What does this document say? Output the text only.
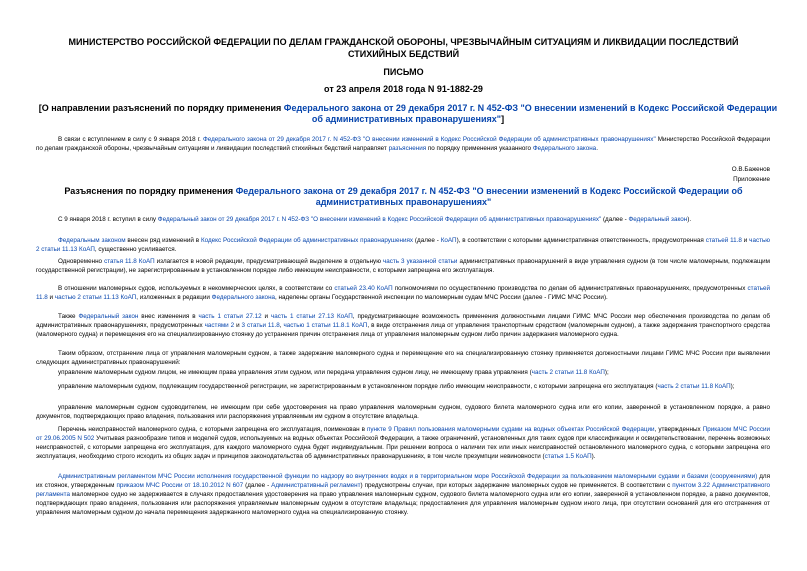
МИНИСТЕРСТВО РОССИЙСКОЙ ФЕДЕРАЦИИ ПО ДЕЛАМ ГРАЖДАНСКОЙ ОБОРОНЫ, ЧРЕЗВЫЧАЙНЫМ СИТУАЦИЯМ И ЛИКВИДАЦИИ ПОСЛЕДСТВИЙ СТИХИЙНЫХ БЕДСТВИЙ
ПИСЬМО
от 23 апреля 2018 года N 91-1882-29
[О направлении разъяснений по порядку применения Федерального закона от 29 декабря 2017 г. N 452-ФЗ "О внесении изменений в Кодекс Российской Федерации об административных правонарушениях"]
В связи с вступлением в силу с 9 января 2018 г. Федерального закона от 29 декабря 2017 г. N 452-ФЗ "О внесении изменений в Кодекс Российской Федерации об административных правонарушениях" Министерство Российской Федерации по делам гражданской обороны, чрезвычайным ситуациям и ликвидации последствий стихийных бедствий направляет разъяснения по порядку применения указанного Федерального закона.
О.В.Баженов
Приложение
Разъяснения по порядку применения Федерального закона от 29 декабря 2017 г. N 452-ФЗ "О внесении изменений в Кодекс Российской Федерации об административных правонарушениях"
С 9 января 2018 г. вступил в силу Федеральный закон от 29 декабря 2017 г. N 452-ФЗ "О внесении изменений в Кодекс Российской Федерации об административных правонарушениях" (далее - Федеральный закон).
Федеральным законом внесен ряд изменений в Кодекс Российской Федерации об административных правонарушениях (далее - КоАП), в соответствии с которыми административная ответственность, предусмотренная статьей 11.8 и частью 2 статьи 11.13 КоАП, существенно усиливается.
Одновременно статья 11.8 КоАП излагается в новой редакции, предусматривающей выделение в отдельную часть 3 указанной статьи административных правонарушений в виде управления судном (в том числе маломерным, подлежащим государственной регистрации), не зарегистрированным в установленном порядке либо имеющим неисправности, с которыми запрещена его эксплуатация.
В отношении маломерных судов, используемых в некоммерческих целях, в соответствии со статьей 23.40 КоАП полномочиями по осуществлению производства по делам об административных правонарушениях, предусмотренных статьей 11.8 и частью 2 статьи 11.13 КоАП, изложенных в редакции Федерального закона, наделены органы Государственной инспекции по маломерным судам МЧС России (далее - ГИМС МЧС России).
Также Федеральный закон внес изменения в часть 1 статьи 27.12 и часть 1 статьи 27.13 КоАП, предусматривающие возможность применения должностными лицами ГИМС МЧС России мер обеспечения производства по делам об административных правонарушениях, предусмотренных частями 2 и 3 статьи 11.8, частью 1 статьи 11.8.1 КоАП, в виде отстранения лица от управления транспортным средством (маломерным судном), а также задержания транспортного средства (маломерного судна) и перемещения его на специализированную стоянку до устранения причин отстранения лица от управления маломерным судном либо причин задержания маломерного судна.
Таким образом, отстранение лица от управления маломерным судном, а также задержание маломерного судна и перемещение его на специализированную стоянку применяется должностными лицами ГИМС МЧС России при выявлении следующих административных правонарушений:
управление маломерным судном лицом, не имеющим права управления этим судном, или передача управления судном лицу, не имеющему права управления (часть 2 статьи 11.8 КоАП);
управление маломерным судном, подлежащим государственной регистрации, не зарегистрированным в установленном порядке либо имеющим неисправности, с которыми запрещена его эксплуатация (часть 2 статьи 11.8 КоАП);
управление маломерным судном судоводителем, не имеющим при себе удостоверения на право управления маломерным судном, судового билета маломерного судна или его копии, заверенной в установленном порядке, а равно документов, подтверждающих право владения, пользования или распоряжения управляемым им судном в отсутствие владельца.
Перечень неисправностей маломерного судна, с которыми запрещена его эксплуатация, поименован в пункте 9 Правил пользования маломерными судами на водных объектах Российской Федерации, утвержденных Приказом МЧС России от 29.06.2005 N 502 Учитывая разнообразие типов и моделей судов, используемых на водных объектах Российской Федерации, а также ограничений, установленных для таких судов при классификации и освидетельствовании, перечень возможных неисправностей, с которыми запрещена его эксплуатация, для каждого маломерного судна будет индивидуальным. При решении вопроса о наличии тех или иных неисправностей остановленного маломерного судна, с которыми запрещена его эксплуатация, необходимо строго исходить из общих задач и принципов законодательства об административных правонарушениях, в том числе презумпции невиновности (статья 1.5 КоАП).
Административным регламентом МЧС России исполнения государственной функции по надзору во внутренних водах и в территориальном море Российской Федерации за пользованием маломерными судами и базами (сооружениями) для их стоянок, утвержденным приказом МЧС России от 18.10.2012 N 607 (далее - Административный регламент) предусмотрены случаи, при которых задержание маломерных судов не применяется. В соответствии с пунктом 3.22 Административного регламента маломерное судно не задерживается в случаях предоставления удостоверения на право управления маломерным судном, судового билета маломерного судна или его копии, заверенной в установленном порядке, а равно документов, подтверждающих право владения, пользования или распоряжения управляемым маломерным судном в отсутствие владельца; предоставления для управления маломерным судном иного лица, при отсутствии оснований для его отстранения от управления маломерным судном до начала перемещения задержанного маломерного судна на специализированную стоянку.
